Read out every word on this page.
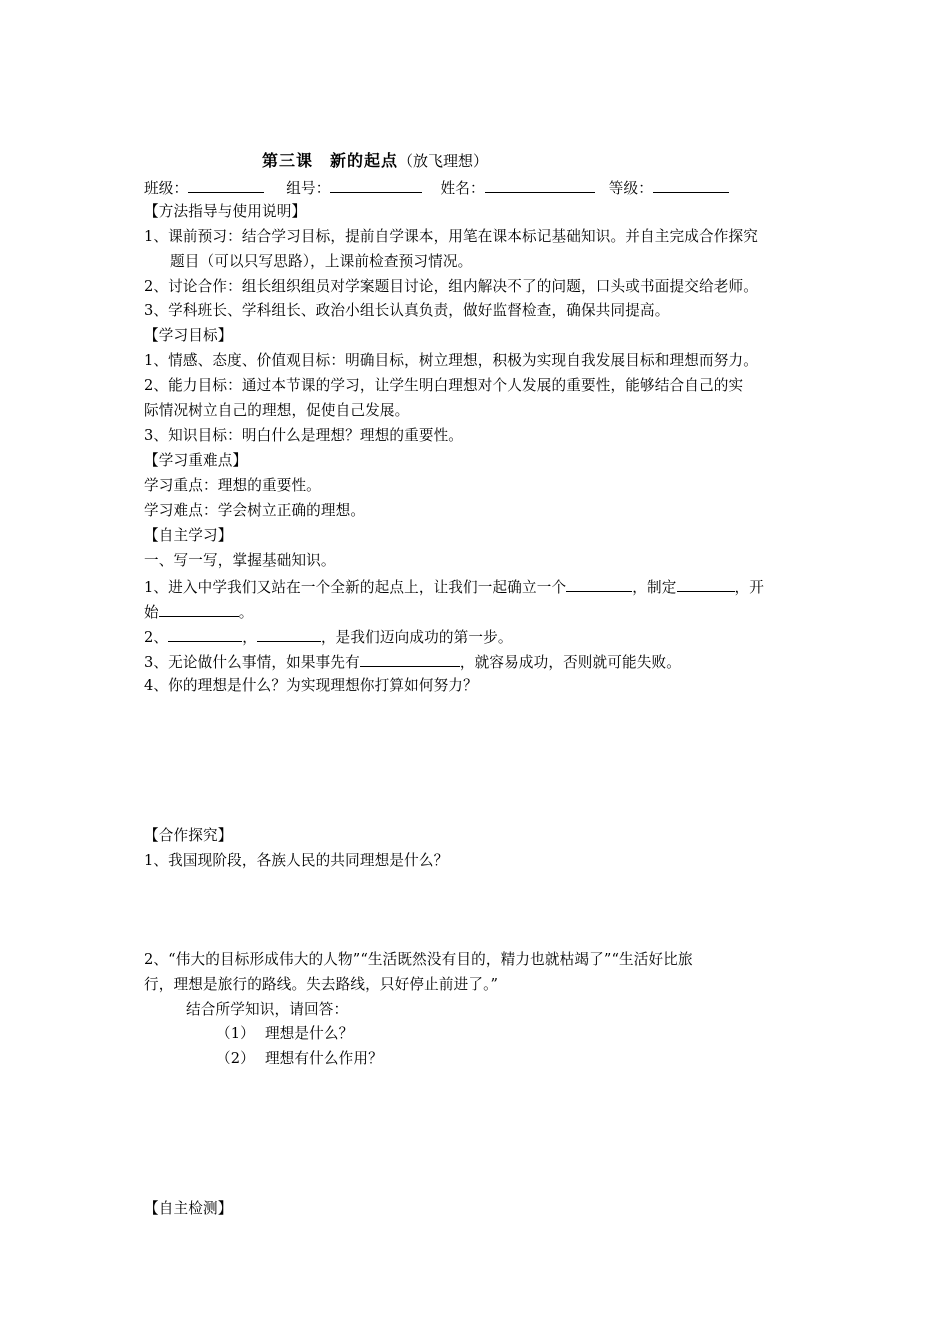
第三课　新的起点（放飞理想）
班级：	组号：	姓名：	等级：
【方法指导与使用说明】
1、课前预习：结合学习目标，提前自学课本，用笔在课本标记基础知识。并自主完成合作探究
题目（可以只写思路），上课前检查预习情况。
2、讨论合作：组长组织组员对学案题目讨论，组内解决不了的问题，口头或书面提交给老师。
3、学科班长、学科组长、政治小组长认真负责，做好监督检查，确保共同提高。
【学习目标】
1、情感、态度、价值观目标：明确目标，树立理想，积极为实现自我发展目标和理想而努力。
2、能力目标：通过本节课的学习，让学生明白理想对个人发展的重要性，能够结合自己的实
际情况树立自己的理想，促使自己发展。
3、知识目标：明白什么是理想？理想的重要性。
【学习重难点】
学习重点：理想的重要性。
学习难点：学会树立正确的理想。
【自主学习】
一、写一写，掌握基础知识。
1、进入中学我们又站在一个全新的起点上，让我们一起确立一个	，制定	，开
始	。
2、	，	，是我们迈向成功的第一步。
3、无论做什么事情，如果事先有	，就容易成功，否则就可能失败。
4、你的理想是什么？为实现理想你打算如何努力？
【合作探究】
1、我国现阶段，各族人民的共同理想是什么？
2、“伟大的目标形成伟大的人物”“生活既然没有目的，精力也就枯竭了”“生活好比旅
行，理想是旅行的路线。失去路线，只好停止前进了。”
结合所学知识，请回答：
（1） 理想是什么？
（2） 理想有什么作用？
【自主检测】
